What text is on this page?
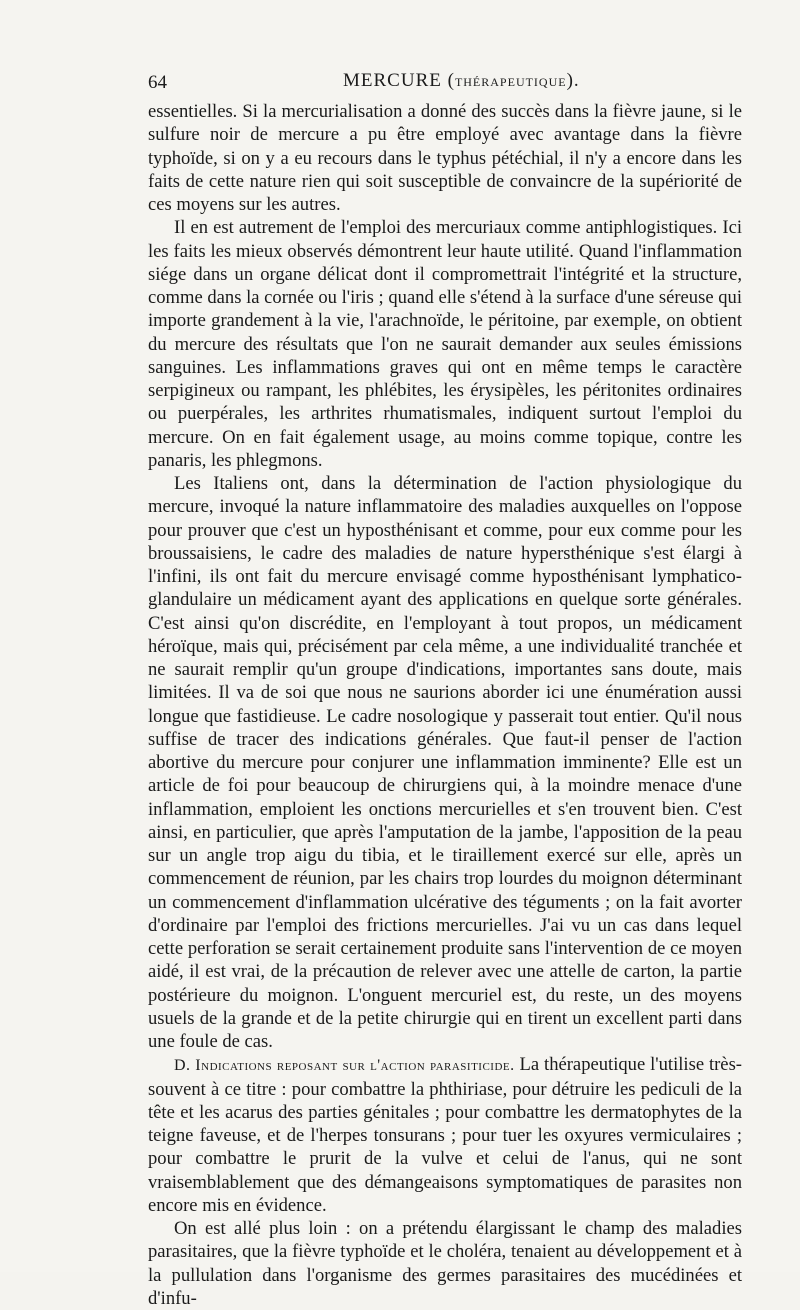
64	MERCURE (THÉRAPEUTIQUE).

essentielles. Si la mercurialisation a donné des succès dans la fièvre jaune, si le sulfure noir de mercure a pu être employé avec avantage dans la fièvre typhoïde, si on y a eu recours dans le typhus pétéchial, il n'y a encore dans les faits de cette nature rien qui soit susceptible de convaincre de la supériorité de ces moyens sur les autres.

Il en est autrement de l'emploi des mercuriaux comme antiphlogistiques. Ici les faits les mieux observés démontrent leur haute utilité. Quand l'inflammation siége dans un organe délicat dont il compromettrait l'intégrité et la structure, comme dans la cornée ou l'iris ; quand elle s'étend à la surface d'une séreuse qui importe grandement à la vie, l'arachnoïde, le péritoine, par exemple, on obtient du mercure des résultats que l'on ne saurait demander aux seules émissions sanguines. Les inflammations graves qui ont en même temps le caractère serpigineux ou rampant, les phlébites, les érysipèles, les péritonites ordinaires ou puerpérales, les arthrites rhumatismales, indiquent surtout l'emploi du mercure. On en fait également usage, au moins comme topique, contre les panaris, les phlegmons.

Les Italiens ont, dans la détermination de l'action physiologique du mercure, invoqué la nature inflammatoire des maladies auxquelles on l'oppose pour prouver que c'est un hyposthénisant et comme, pour eux comme pour les broussaisiens, le cadre des maladies de nature hypersthénique s'est élargi à l'infini, ils ont fait du mercure envisagé comme hyposthénisant lymphatico-glandulaire un médicament ayant des applications en quelque sorte générales. C'est ainsi qu'on discrédite, en l'employant à tout propos, un médicament héroïque, mais qui, précisément par cela même, a une individualité tranchée et ne saurait remplir qu'un groupe d'indications, importantes sans doute, mais limitées. Il va de soi que nous ne saurions aborder ici une énumération aussi longue que fastidieuse. Le cadre nosologique y passerait tout entier. Qu'il nous suffise de tracer des indications générales. Que faut-il penser de l'action abortive du mercure pour conjurer une inflammation imminente? Elle est un article de foi pour beaucoup de chirurgiens qui, à la moindre menace d'une inflammation, emploient les onctions mercurielles et s'en trouvent bien. C'est ainsi, en particulier, que après l'amputation de la jambe, l'apposition de la peau sur un angle trop aigu du tibia, et le tiraillement exercé sur elle, après un commencement de réunion, par les chairs trop lourdes du moignon déterminant un commencement d'inflammation ulcérative des téguments ; on la fait avorter d'ordinaire par l'emploi des frictions mercurielles. J'ai vu un cas dans lequel cette perforation se serait certainement produite sans l'intervention de ce moyen aidé, il est vrai, de la précaution de relever avec une attelle de carton, la partie postérieure du moignon. L'onguent mercuriel est, du reste, un des moyens usuels de la grande et de la petite chirurgie qui en tirent un excellent parti dans une foule de cas.

D. Indications reposant sur l'action parasiticide. La thérapeutique l'utilise très-souvent à ce titre : pour combattre la phthiriase, pour détruire les pediculi de la tête et les acarus des parties génitales ; pour combattre les dermatophytes de la teigne faveuse, et de l'herpes tonsurans ; pour tuer les oxyures vermiculaires ; pour combattre le prurit de la vulve et celui de l'anus, qui ne sont vraisemblablement que des démangeaisons symptomatiques de parasites non encore mis en évidence.

On est allé plus loin : on a prétendu élargissant le champ des maladies parasitaires, que la fièvre typhoïde et le choléra, tenaient au développement et à la pullulation dans l'organisme des germes parasitaires des mucédinées et d'infu-
